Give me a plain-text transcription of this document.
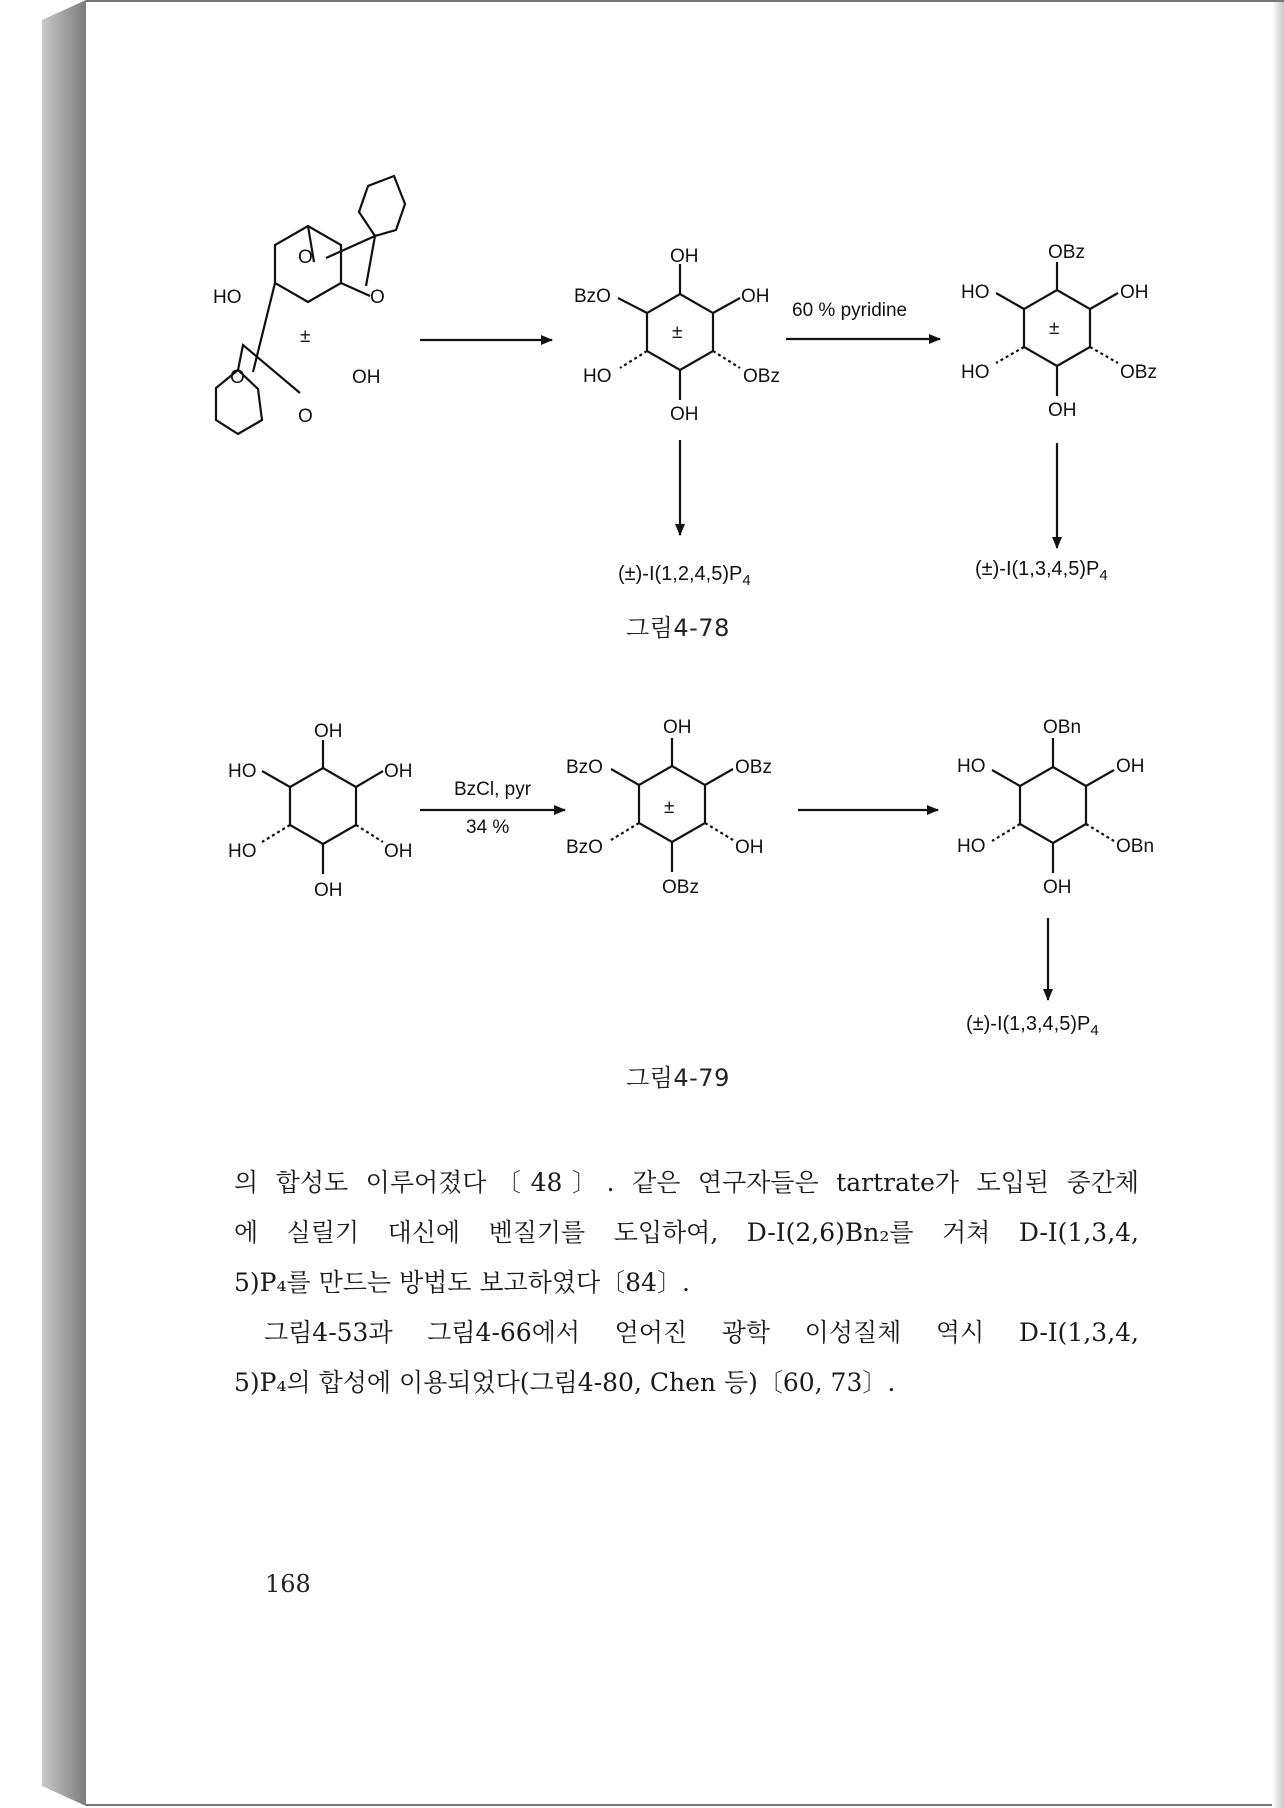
HO
O
O
O
O
OH
±
OH
BzO	OH
HO	OBz
OH
±
OBz
HO	OH
HO	OBz
OH
±
60 % pyridine
$(\pm)-I(1,2,4,5)P_4$
$(\pm)-I(1,3,4,5)P_4$
OH
HO	OH
HO	OH
OH
OH
BzO	OBz
BzO	OH
OBz
±
OBn
HO	OH
HO	OBn
OH
BzCl, pyr
34 %
$(\pm)-I(1,3,4,5)P_4$
그림4-78
그림4-79

의 합성도 이루어졌다〔48〕. 같은 연구자들은 tartrate가 도입된 중간체

에 실릴기 대신에 벤질기를 도입하여, D-I(2,6)Bn₂를 거쳐 D-I(1,3,4,

5)P₄를 만드는 방법도 보고하였다〔84〕.

그림4-53과 그림4-66에서 얻어진 광학 이성질체 역시 D-I(1,3,4,

5)P₄의 합성에 이용되었다(그림4-80, Chen 등)〔60, 73〕.

168
